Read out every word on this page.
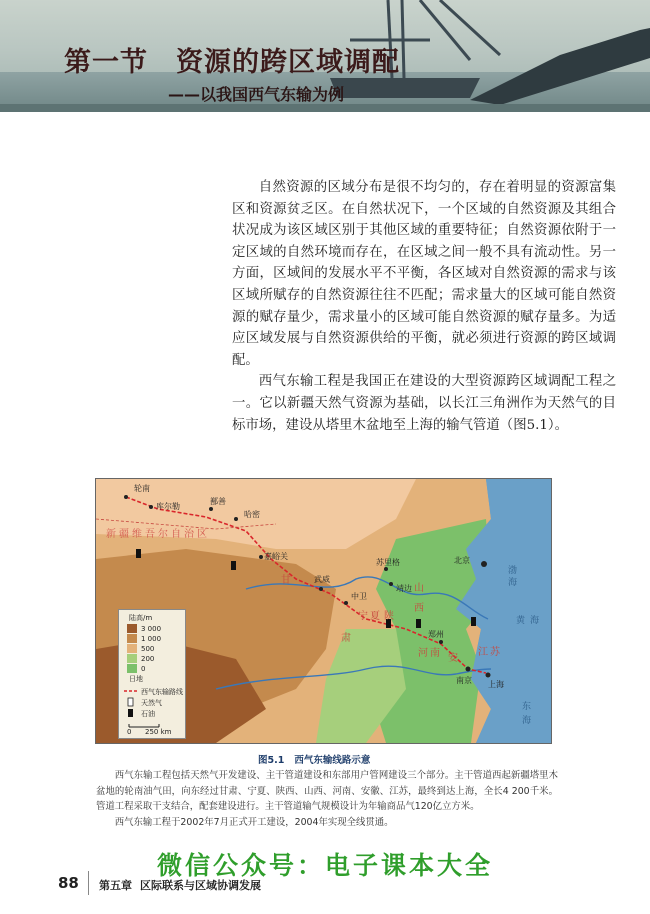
第一节　资源的跨区域调配
——以我国西气东输为例

自然资源的区域分布是很不均匀的，存在着明显的资源富集区和资源贫乏区。在自然状况下，一个区域的自然资源及其组合状况成为该区域区别于其他区域的重要特征；自然资源依附于一定区域的自然环境而存在，在区域之间一般不具有流动性。另一方面，区域间的发展水平不平衡，各区域对自然资源的需求与该区域所赋存的自然资源往往不匹配；需求量大的区域可能自然资源的赋存量少，需求量小的区域可能自然资源的赋存量多。为适应区域发展与自然资源供给的平衡，就必须进行资源的跨区域调配。

西气东输工程是我国正在建设的大型资源跨区域调配工程之一。它以新疆天然气资源为基础，以长江三角洲作为天然气的目标市场，建设从塔里木盆地至上海的输气管道（图5.1）。

轮南
库尔勒
鄯善
哈密
嘉峪关
武威
中卫
苏里格
靖边
北京
郑州
南京 上海
新疆维吾尔自治区
甘
肃
宁夏 陕
山
西
河南 安
江苏
渤
海
黄 海
东
海
陆高/m
3 000
1 000
500
200
0
日地
西气东输路线
天然气
石油
0 250 km

图5.1 西气东输线路示意

西气东输工程包括天然气开发建设、主干管道建设和东部用户管网建设三个部分。主干管道西起新疆塔里木盆地的轮南油气田，向东经过甘肃、宁夏、陕西、山西、河南、安徽、江苏，最终到达上海，全长4 200千米。管道工程采取干支结合，配套建设进行。主干管道输气规模设计为年输商品气120亿立方米。

西气东输工程于2002年7月正式开工建设，2004年实现全线贯通。

微信公众号：电子课本大全
88 第五章 区际联系与区域协调发展
